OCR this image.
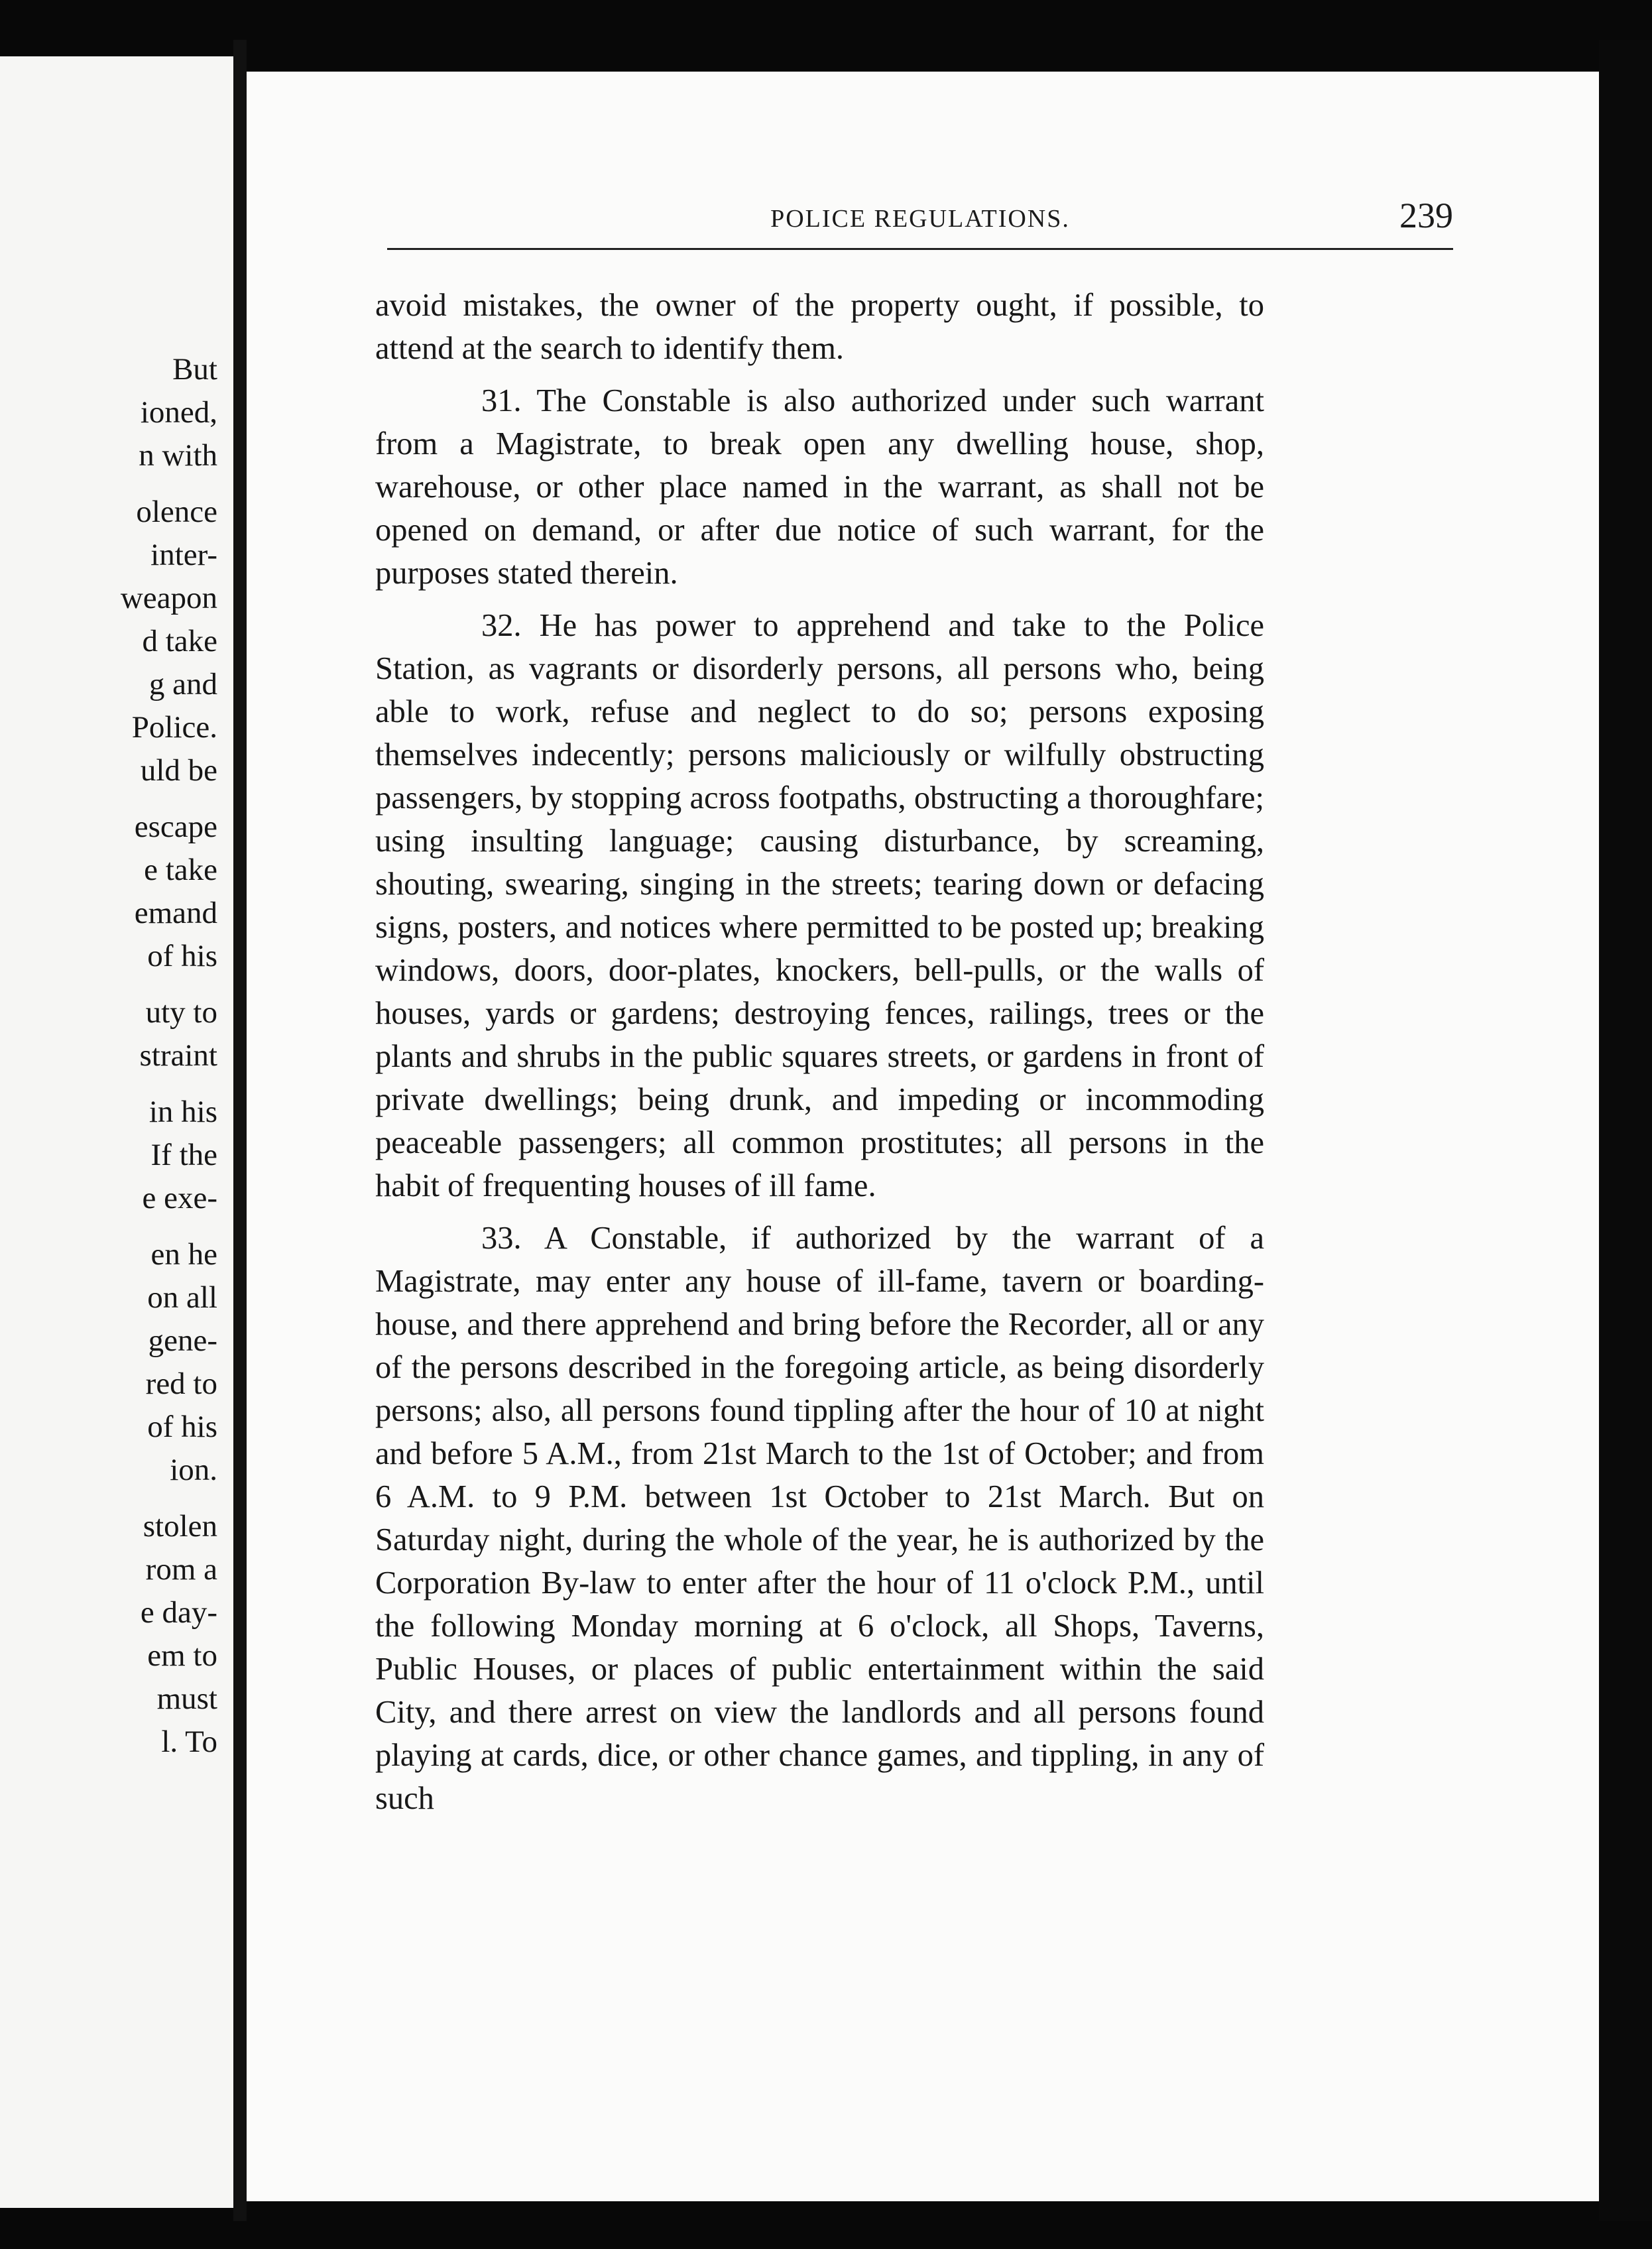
But
ioned,
n with
olence
inter-
weapon
d take
g and
Police.
uld be
escape
e take
emand
of his
uty to
straint
in his
If the
e exe-
en he
on all
gene-
red to
of his
ion.
stolen
rom a
e day-
em to
must
l. To
POLICE REGULATIONS.	239

avoid mistakes, the owner of the property ought, if possible, to attend at the search to identify them.

31. The Constable is also authorized under such warrant from a Magistrate, to break open any dwelling house, shop, warehouse, or other place named in the warrant, as shall not be opened on demand, or after due notice of such warrant, for the purposes stated therein.

32. He has power to apprehend and take to the Police Station, as vagrants or disorderly persons, all persons who, being able to work, refuse and neglect to do so; persons exposing themselves indecently; persons maliciously or wilfully obstructing passengers, by stopping across footpaths, obstructing a thoroughfare; using insulting language; causing disturbance, by screaming, shouting, swearing, singing in the streets; tearing down or defacing signs, posters, and notices where permitted to be posted up; breaking windows, doors, door-plates, knockers, bell-pulls, or the walls of houses, yards or gardens; destroying fences, railings, trees or the plants and shrubs in the public squares streets, or gardens in front of private dwellings; being drunk, and impeding or incommoding peaceable passengers; all common prostitutes; all persons in the habit of frequenting houses of ill fame.

33. A Constable, if authorized by the warrant of a Magistrate, may enter any house of ill-fame, tavern or boarding-house, and there apprehend and bring before the Recorder, all or any of the persons described in the foregoing article, as being disorderly persons; also, all persons found tippling after the hour of 10 at night and before 5 A.M., from 21st March to the 1st of October; and from 6 A.M. to 9 P.M. between 1st October to 21st March. But on Saturday night, during the whole of the year, he is authorized by the Corporation By-law to enter after the hour of 11 o'clock P.M., until the following Monday morning at 6 o'clock, all Shops, Taverns, Public Houses, or places of public entertainment within the said City, and there arrest on view the landlords and all persons found playing at cards, dice, or other chance games, and tippling, in any of such
